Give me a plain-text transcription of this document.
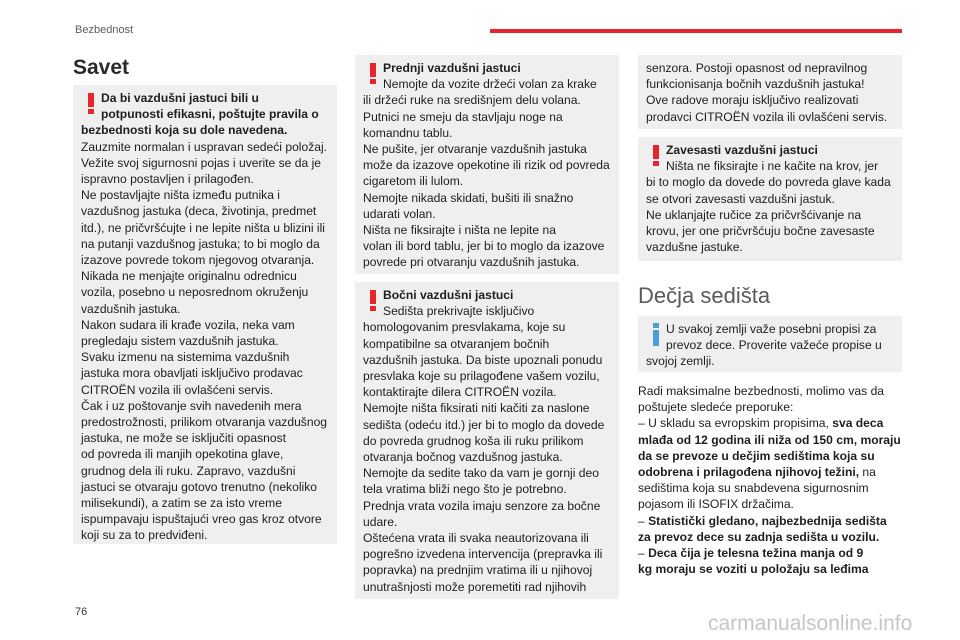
Bezbednost
Savet

Da bi vazdušni jastuci bili u

potpunosti efikasni, poštujte pravila o

bezbednosti koja su dole navedena.

Zauzmite normalan i uspravan sedeći položaj.
Vežite svoj sigurnosni pojas i uverite se da je
ispravno postavljen i prilagođen.
Ne postavljajte ništa između putnika i
vazdušnog jastuka (deca, životinja, predmet
itd.), ne pričvršćujte i ne lepite ništa u blizini ili
na putanji vazdušnog jastuka; to bi moglo da
izazove povrede tokom njegovog otvaranja.
Nikada ne menjajte originalnu odrednicu
vozila, posebno u neposrednom okruženju
vazdušnih jastuka.
Nakon sudara ili krađe vozila, neka vam
pregledaju sistem vazdušnih jastuka.
Svaku izmenu na sistemima vazdušnih
jastuka mora obavljati isključivo prodavac
CITROËN vozila ili ovlašćeni servis.
Čak i uz poštovanje svih navedenih mera
predostrožnosti, prilikom otvaranja vazdušnog
jastuka, ne može se isključiti opasnost
od povreda ili manjih opekotina glave,
grudnog dela ili ruku. Zapravo, vazdušni
jastuci se otvaraju gotovo trenutno (nekoliko
milisekundi), a zatim se za isto vreme
ispumpavaju ispuštajući vreo gas kroz otvore
koji su za to predviđeni.

Prednji vazdušni jastuci

Nemojte da vozite držeći volan za krake

ili držeći ruke na središnjem delu volana.
Putnici ne smeju da stavljaju noge na
komandnu tablu.
Ne pušite, jer otvaranje vazdušnih jastuka
može da izazove opekotine ili rizik od povreda
cigaretom ili lulom.
Nemojte nikada skidati, bušiti ili snažno
udarati volan.
Ništa ne fiksirajte i ništa ne lepite na
volan ili bord tablu, jer bi to moglo da izazove
povrede pri otvaranju vazdušnih jastuka.

Bočni vazdušni jastuci

Sedišta prekrivajte isključivo

homologovanim presvlakama, koje su
kompatibilne sa otvaranjem bočnih
vazdušnih jastuka. Da biste upoznali ponudu
presvlaka koje su prilagođene vašem vozilu,
kontaktirajte dilera CITROËN vozila.
Nemojte ništa fiksirati niti kačiti za naslone
sedišta (odeću itd.) jer bi to moglo da dovede
do povreda grudnog koša ili ruku prilikom
otvaranja bočnog vazdušnog jastuka.
Nemojte da sedite tako da vam je gornji deo
tela vratima bliži nego što je potrebno.
Prednja vrata vozila imaju senzore za bočne
udare.
Oštećena vrata ili svaka neautorizovana ili
pogrešno izvedena intervencija (prepravka ili
popravka) na prednjim vratima ili u njihovoj
unutrašnjosti može poremetiti rad njihovih

senzora. Postoji opasnost od nepravilnog
funkcionisanja bočnih vazdušnih jastuka!
Ove radove moraju isključivo realizovati
prodavci CITROËN vozila ili ovlašćeni servis.

Zavesasti vazdušni jastuci

Ništa ne fiksirajte i ne kačite na krov, jer

bi to moglo da dovede do povreda glave kada
se otvori zavesasti vazdušni jastuk.
Ne uklanjajte ručice za pričvršćivanje na
krovu, jer one pričvršćuju bočne zavesaste
vazdušne jastuke.

Dečja sedišta

U svakoj zemlji važe posebni propisi za

prevoz dece. Proverite važeće propise u

svojoj zemlji.

Radi maksimalne bezbednosti, molimo vas da

poštujete sledeće preporuke:

– U skladu sa evropskim propisima, sva deca

mlađa od 12 godina ili niža od 150 cm, moraju

da se prevoze u dečjim sedištima koja su

odobrena i prilagođena njihovoj težini, na

sedištima koja su snabdevena sigurnosnim

pojasom ili ISOFIX držačima.

– Statistički gledano, najbezbednija sedišta

za prevoz dece su zadnja sedišta u vozilu.

– Deca čija je telesna težina manja od 9

kg moraju se voziti u položaju sa leđima

76	carmanualsonline.info
